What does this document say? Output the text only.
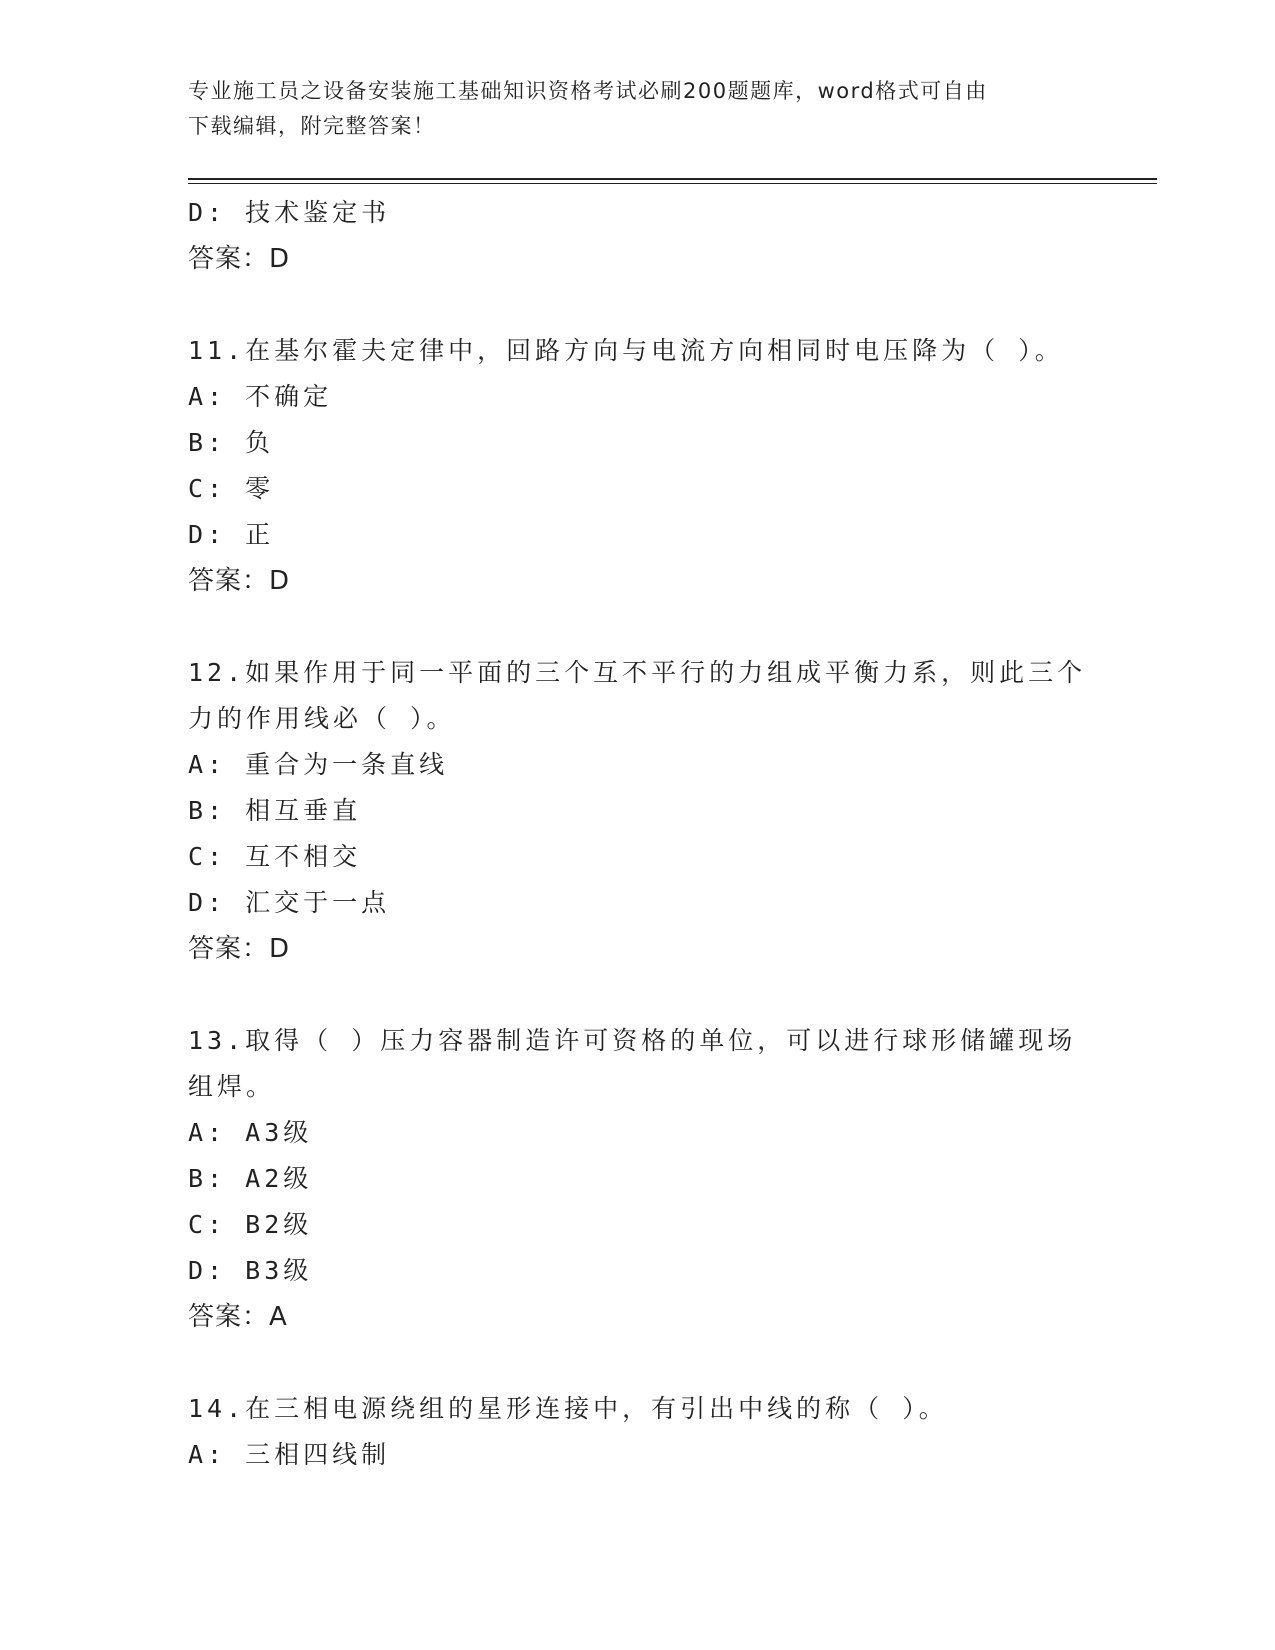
专业施工员之设备安装施工基础知识资格考试必刷200题题库，word格式可自由
下载编辑，附完整答案！
D: 技术鉴定书
答案：D
11.在基尔霍夫定律中，回路方向与电流方向相同时电压降为（ ）。
A: 不确定
B: 负
C: 零
D: 正
答案：D
12.如果作用于同一平面的三个互不平行的力组成平衡力系，则此三个
力的作用线必（ ）。
A: 重合为一条直线
B: 相互垂直
C: 互不相交
D: 汇交于一点
答案：D
13.取得（ ）压力容器制造许可资格的单位，可以进行球形储罐现场
组焊。
A: A3级
B: A2级
C: B2级
D: B3级
答案：A
14.在三相电源绕组的星形连接中，有引出中线的称（ ）。
A: 三相四线制
